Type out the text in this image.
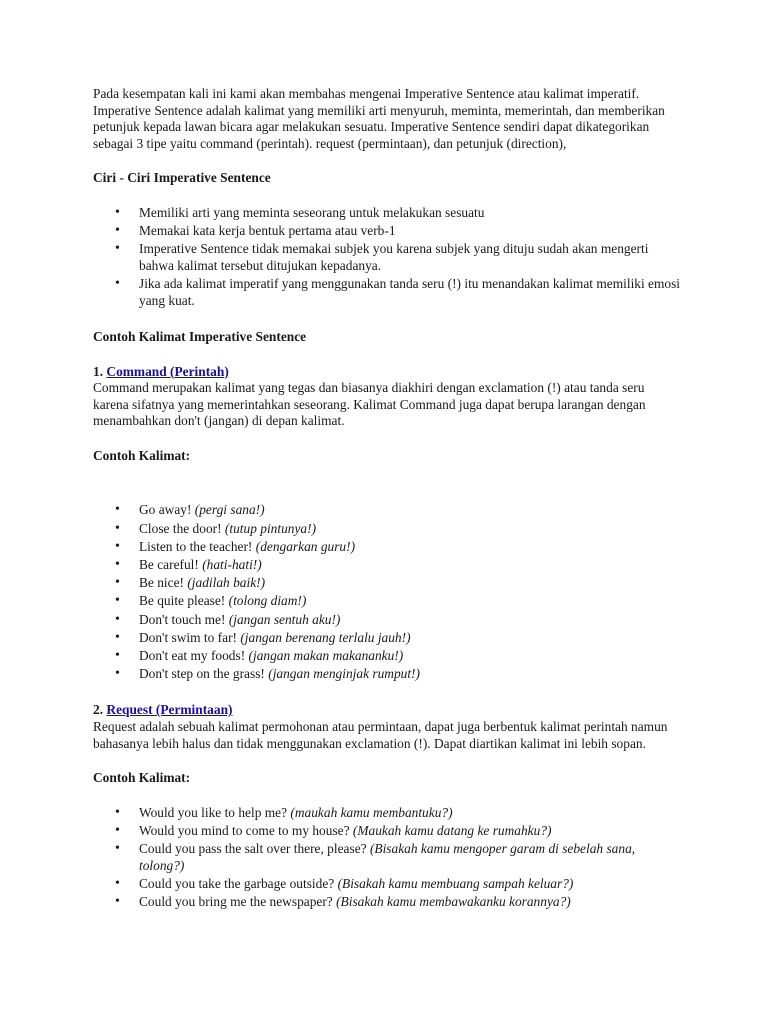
Pada kesempatan kali ini kami akan membahas mengenai Imperative Sentence atau kalimat imperatif. Imperative Sentence adalah kalimat yang memiliki arti menyuruh, meminta, memerintah, dan memberikan petunjuk kepada lawan bicara agar melakukan sesuatu. Imperative Sentence sendiri dapat dikategorikan sebagai 3 tipe yaitu command (perintah). request (permintaan), dan petunjuk (direction),

Ciri - Ciri Imperative Sentence

• Memiliki arti yang meminta seseorang untuk melakukan sesuatu
• Memakai kata kerja bentuk pertama atau verb-1
• Imperative Sentence tidak memakai subjek you karena subjek yang dituju sudah akan mengerti bahwa kalimat tersebut ditujukan kepadanya.
• Jika ada kalimat imperatif yang menggunakan tanda seru (!) itu menandakan kalimat memiliki emosi yang kuat.

Contoh Kalimat Imperative Sentence

1. Command (Perintah)

Command merupakan kalimat yang tegas dan biasanya diakhiri dengan exclamation (!) atau tanda seru karena sifatnya yang memerintahkan seseorang. Kalimat Command juga dapat berupa larangan dengan menambahkan don't (jangan) di depan kalimat.

Contoh Kalimat:

• Go away! (pergi sana!)
• Close the door! (tutup pintunya!)
• Listen to the teacher! (dengarkan guru!)
• Be careful! (hati-hati!)
• Be nice! (jadilah baik!)
• Be quite please! (tolong diam!)
• Don't touch me! (jangan sentuh aku!)
• Don't swim to far! (jangan berenang terlalu jauh!)
• Don't eat my foods! (jangan makan makananku!)
• Don't step on the grass! (jangan menginjak rumput!)

2. Request (Permintaan)

Request adalah sebuah kalimat permohonan atau permintaan, dapat juga berbentuk kalimat perintah namun bahasanya lebih halus dan tidak menggunakan exclamation (!). Dapat diartikan kalimat ini lebih sopan.

Contoh Kalimat:

• Would you like to help me? (maukah kamu membantuku?)
• Would you mind to come to my house? (Maukah kamu datang ke rumahku?)
• Could you pass the salt over there, please? (Bisakah kamu mengoper garam di sebelah sana, tolong?)
• Could you take the garbage outside? (Bisakah kamu membuang sampah keluar?)
• Could you bring me the newspaper? (Bisakah kamu membawakanku korannya?)
